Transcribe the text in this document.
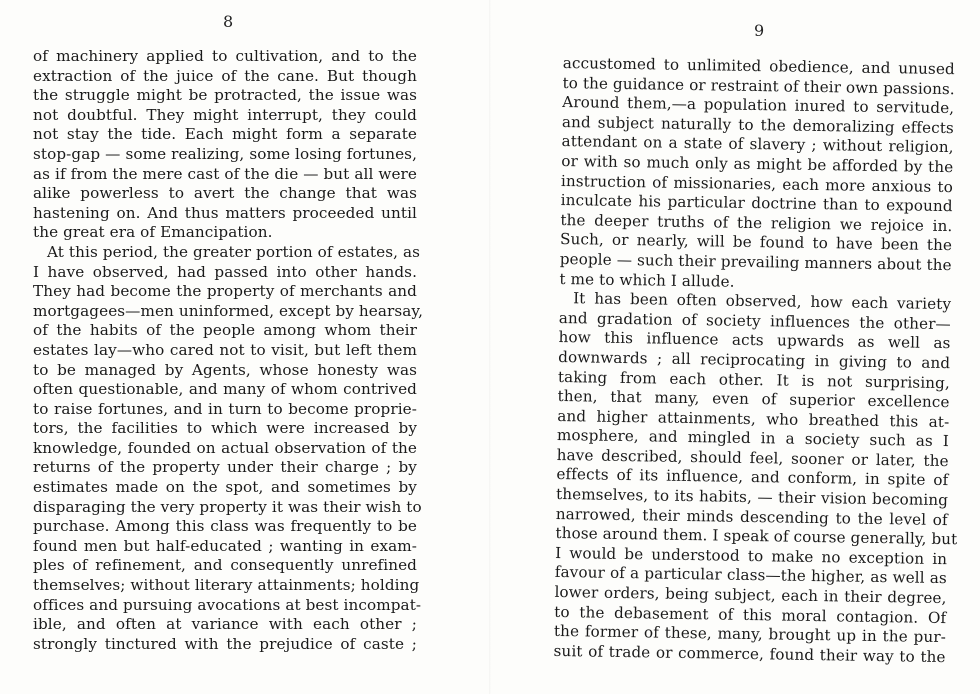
8
of machinery applied to cultivation, and to the
extraction of the juice of the cane. But though
the struggle might be protracted, the issue was
not doubtful. They might interrupt, they could
not stay the tide. Each might form a separate
stop-gap — some realizing, some losing fortunes,
as if from the mere cast of the die — but all were
alike powerless to avert the change that was
hastening on. And thus matters proceeded until
the great era of Emancipation.
At this period, the greater portion of estates, as
I have observed, had passed into other hands.
They had become the property of merchants and
mortgagees—men uninformed, except by hearsay,
of the habits of the people among whom their
estates lay—who cared not to visit, but left them
to be managed by Agents, whose honesty was
often questionable, and many of whom contrived
to raise fortunes, and in turn to become proprie-
tors, the facilities to which were increased by
knowledge, founded on actual observation of the
returns of the property under their charge ; by
estimates made on the spot, and sometimes by
disparaging the very property it was their wish to
purchase. Among this class was frequently to be
found men but half-educated ; wanting in exam-
ples of refinement, and consequently unrefined
themselves; without literary attainments; holding
offices and pursuing avocations at best incompat-
ible, and often at variance with each other ;
strongly tinctured with the prejudice of caste ;
9
accustomed to unlimited obedience, and unused
to the guidance or restraint of their own passions.
Around them,—a population inured to servitude,
and subject naturally to the demoralizing effects
attendant on a state of slavery ; without religion,
or with so much only as might be afforded by the
instruction of missionaries, each more anxious to
inculcate his particular doctrine than to expound
the deeper truths of the religion we rejoice in.
Such, or nearly, will be found to have been the
people — such their prevailing manners about the
t me to which I allude.
It has been often observed, how each variety
and gradation of society influences the other—
how this influence acts upwards as well as
downwards ; all reciprocating in giving to and
taking from each other. It is not surprising,
then, that many, even of superior excellence
and higher attainments, who breathed this at-
mosphere, and mingled in a society such as I
have described, should feel, sooner or later, the
effects of its influence, and conform, in spite of
themselves, to its habits, — their vision becoming
narrowed, their minds descending to the level of
those around them. I speak of course generally, but
I would be understood to make no exception in
favour of a particular class—the higher, as well as
lower orders, being subject, each in their degree,
to the debasement of this moral contagion. Of
the former of these, many, brought up in the pur-
suit of trade or commerce, found their way to the
